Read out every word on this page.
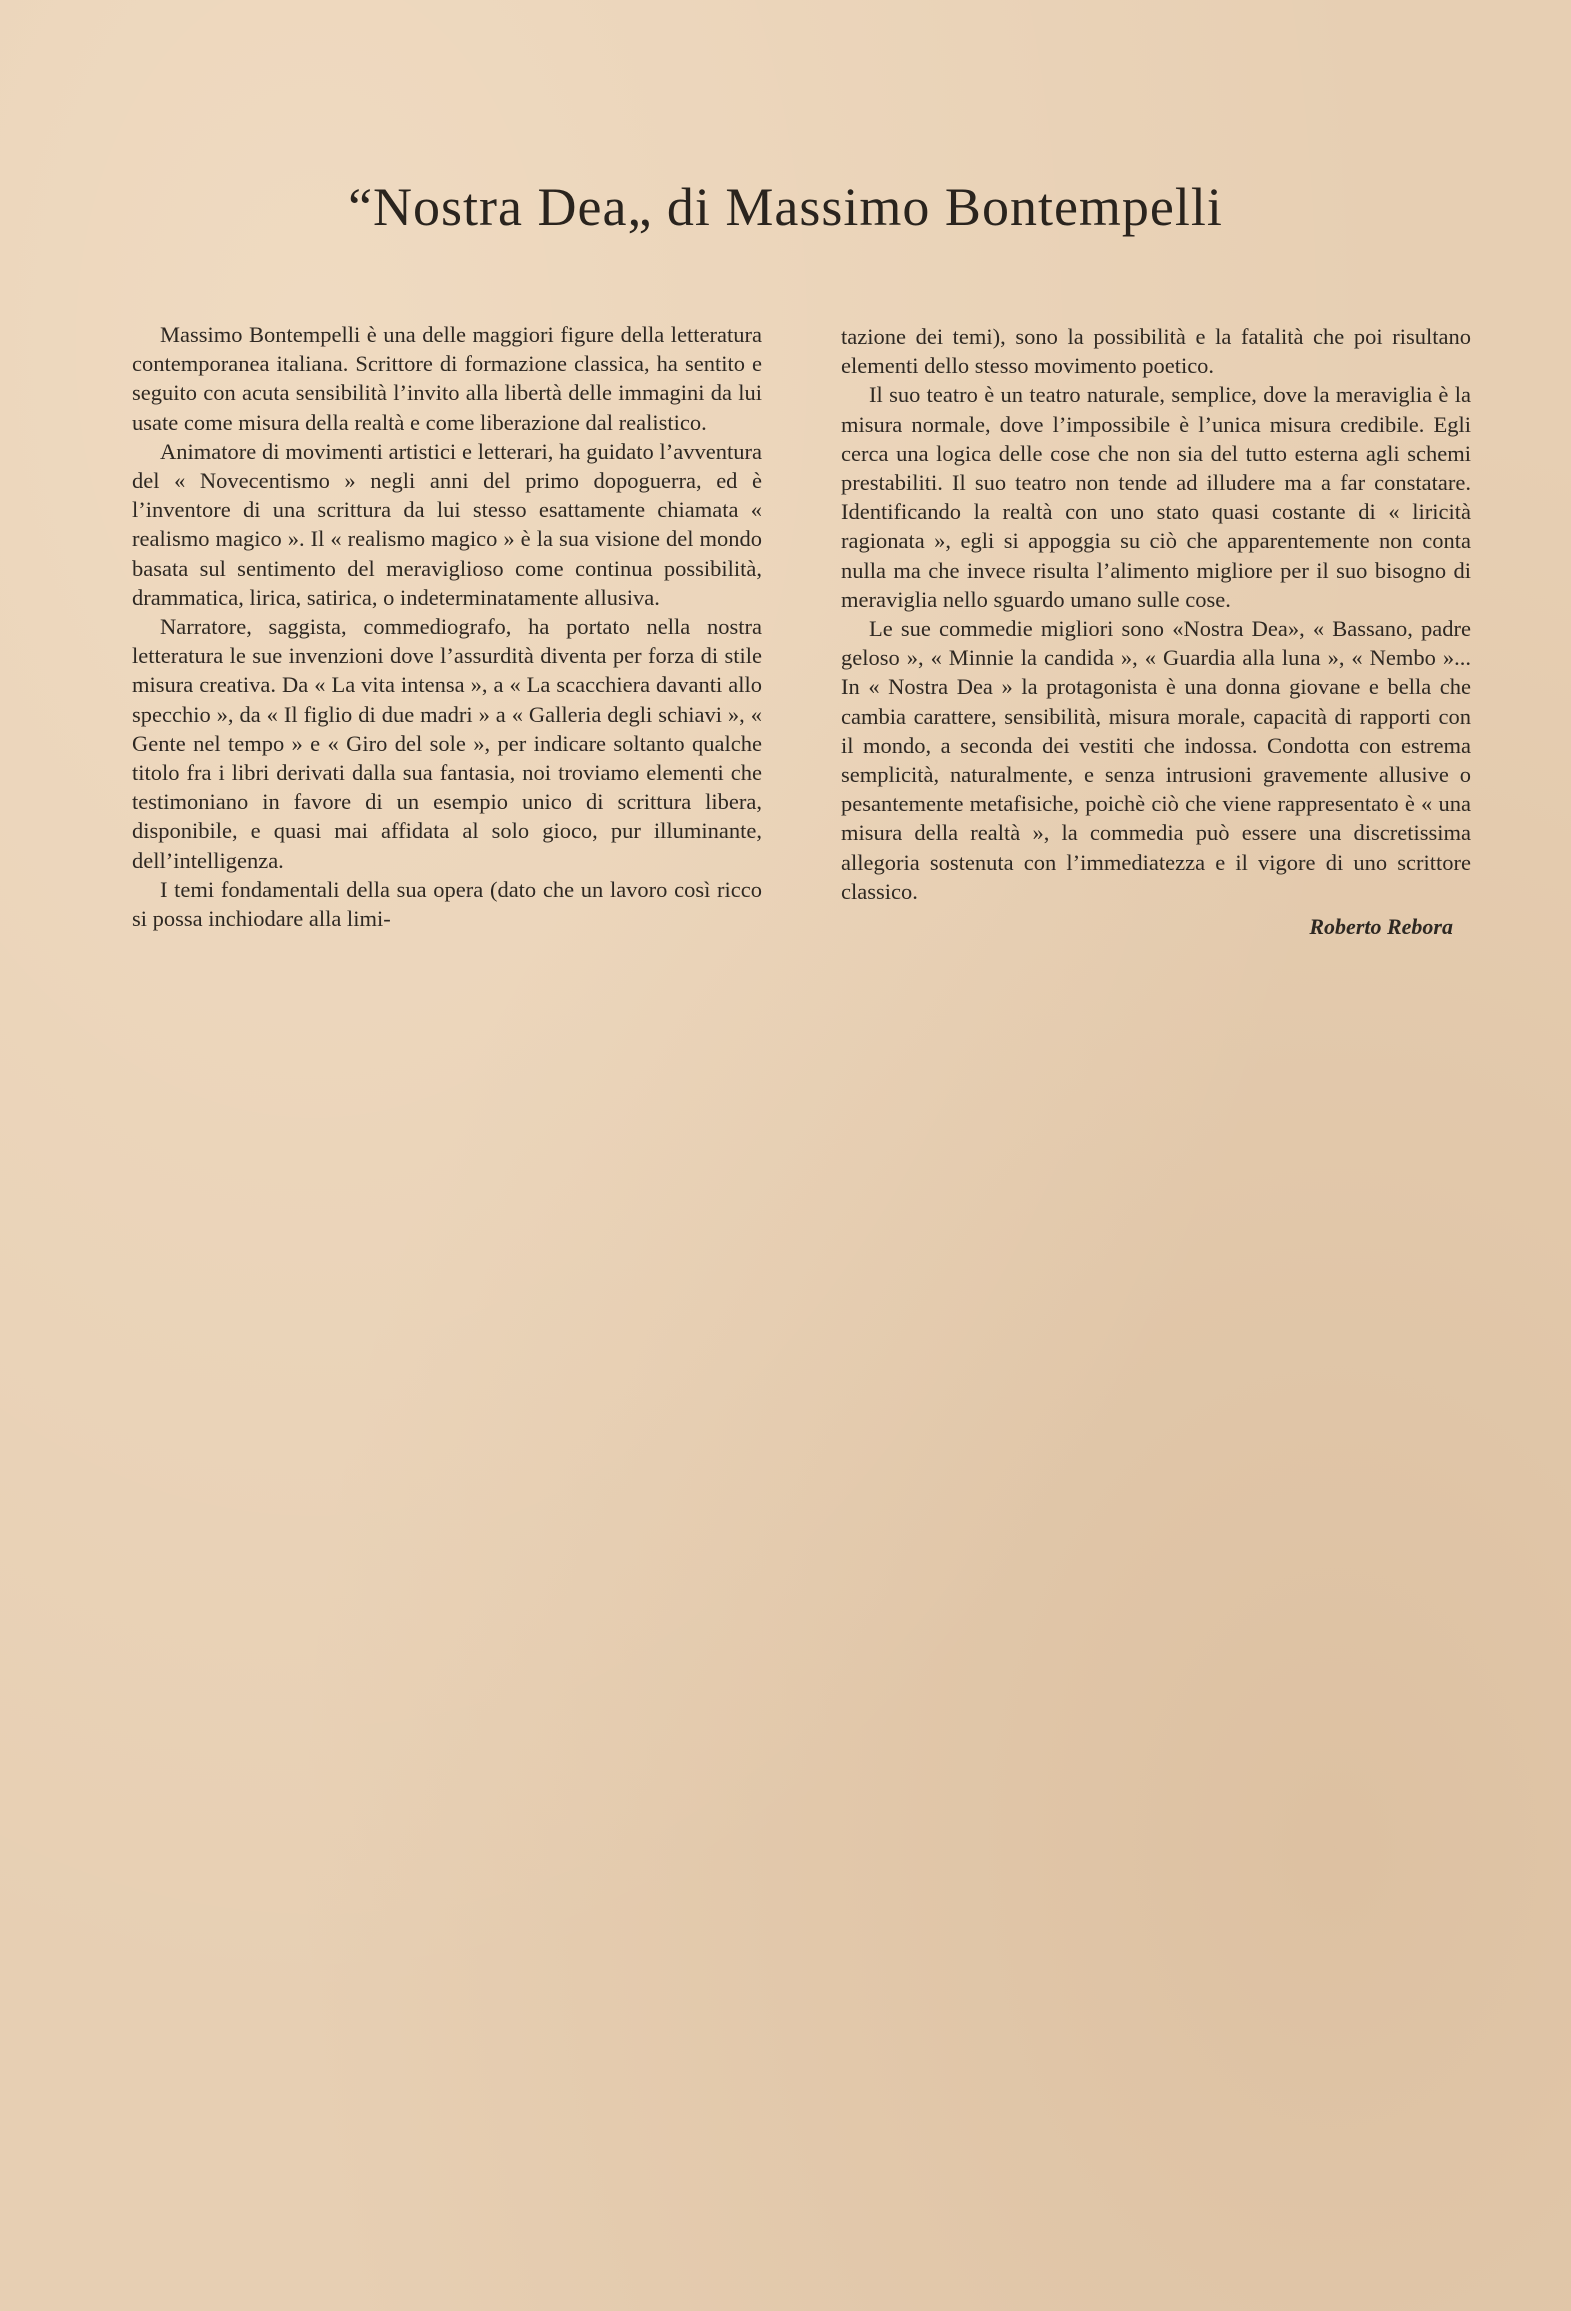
“Nostra Dea„ di Massimo Bontempelli

Massimo Bontempelli è una delle maggiori figure della letteratura contemporanea italiana. Scrittore di formazione classica, ha sentito e seguito con acuta sensibilità l’invito alla libertà delle immagini da lui usate come misura della realtà e come liberazione dal realistico.

Animatore di movimenti artistici e letterari, ha guidato l’avventura del « Novecentismo » negli anni del primo dopoguerra, ed è l’inventore di una scrittura da lui stesso esattamente chiamata « realismo magico ». Il « realismo magico » è la sua visione del mondo basata sul sentimento del meraviglioso come continua possibilità, drammatica, lirica, satirica, o indeterminatamente allusiva.

Narratore, saggista, commediografo, ha portato nella nostra letteratura le sue invenzioni dove l’assurdità diventa per forza di stile misura creativa. Da « La vita intensa », a « La scacchiera davanti allo specchio », da « Il figlio di due madri » a « Galleria degli schiavi », « Gente nel tempo » e « Giro del sole », per indicare soltanto qualche titolo fra i libri derivati dalla sua fantasia, noi troviamo elementi che testimoniano in favore di un esempio unico di scrittura libera, disponibile, e quasi mai affidata al solo gioco, pur illuminante, dell’intelligenza.

I temi fondamentali della sua opera (dato che un lavoro così ricco si possa inchiodare alla limi-

tazione dei temi), sono la possibilità e la fatalità che poi risultano elementi dello stesso movimento poetico.

Il suo teatro è un teatro naturale, semplice, dove la meraviglia è la misura normale, dove l’impossibile è l’unica misura credibile. Egli cerca una logica delle cose che non sia del tutto esterna agli schemi prestabiliti. Il suo teatro non tende ad illudere ma a far constatare. Identificando la realtà con uno stato quasi costante di « liricità ragionata », egli si appoggia su ciò che apparentemente non conta nulla ma che invece risulta l’alimento migliore per il suo bisogno di meraviglia nello sguardo umano sulle cose.

Le sue commedie migliori sono «Nostra Dea», « Bassano, padre geloso », « Minnie la candida », « Guardia alla luna », « Nembo »... In « Nostra Dea » la protagonista è una donna giovane e bella che cambia carattere, sensibilità, misura morale, capacità di rapporti con il mondo, a seconda dei vestiti che indossa. Condotta con estrema semplicità, naturalmente, e senza intrusioni gravemente allusive o pesantemente metafisiche, poichè ciò che viene rappresentato è « una misura della realtà », la commedia può essere una discretissima allegoria sostenuta con l’immediatezza e il vigore di uno scrittore classico.

Roberto Rebora
